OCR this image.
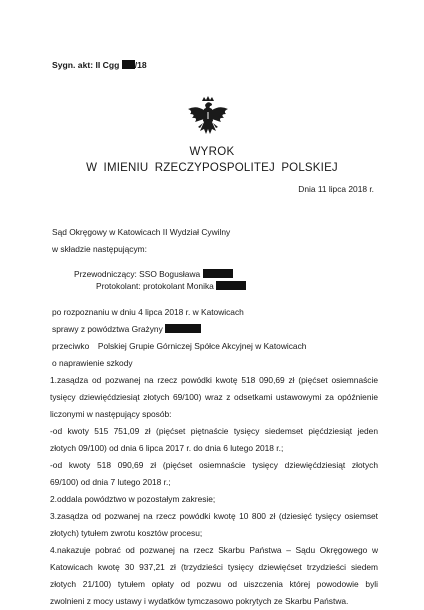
Sygn. akt: II Cgg /18
WYROK
W IMIENIU RZECZYPOSPOLITEJ POLSKIEJ
Dnia 11 lipca 2018 r.
Sąd Okręgowy w Katowicach II Wydział Cywilny
w składzie następującym:
Przewodniczący: SSO Bogusława
Protokolant: protokolant Monika
po rozpoznaniu w dniu 4 lipca 2018 r. w Katowicach
sprawy z powództwa Grażyny
przeciwko Polskiej Grupie Górniczej Spółce Akcyjnej w Katowicach
o naprawienie szkody
1.zasądza od pozwanej na rzecz powódki kwotę 518 090,69 zł (pięćset osiemnaście
tysięcy dziewięćdziesiąt złotych 69/100) wraz z odsetkami ustawowymi za opóźnienie
liczonymi w następujący sposób:
-od kwoty 515 751,09 zł (pięćset piętnaście tysięcy siedemset pięćdziesiąt jeden
złotych 09/100) od dnia 6 lipca 2017 r. do dnia 6 lutego 2018 r.;
-od kwoty 518 090,69 zł (pięćset osiemnaście tysięcy dziewięćdziesiąt złotych
69/100) od dnia 7 lutego 2018 r.;
2.oddala powództwo w pozostałym zakresie;
3.zasądza od pozwanej na rzecz powódki kwotę 10 800 zł (dziesięć tysięcy osiemset
złotych) tytułem zwrotu kosztów procesu;
4.nakazuje pobrać od pozwanej na rzecz Skarbu Państwa – Sądu Okręgowego w
Katowicach kwotę 30 937,21 zł (trzydzieści tysięcy dziewięćset trzydzieści siedem
złotych 21/100) tytułem opłaty od pozwu od uiszczenia której powodowie byli
zwolnieni z mocy ustawy i wydatków tymczasowo pokrytych ze Skarbu Państwa.
